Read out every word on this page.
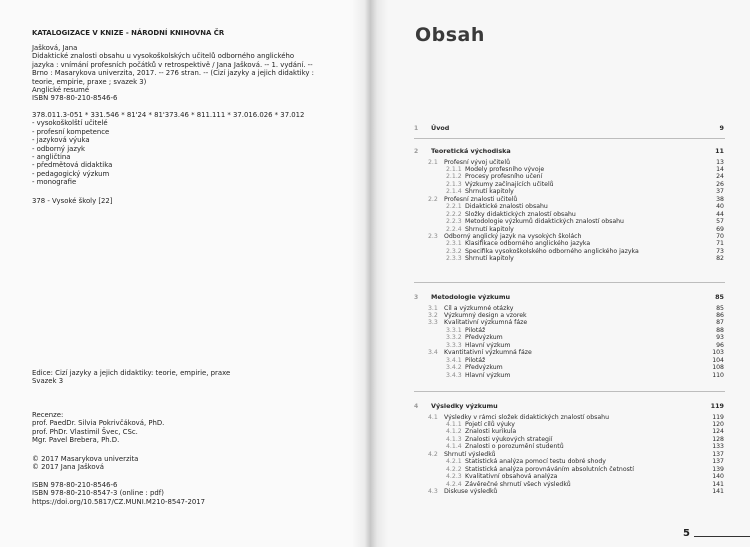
KATALOGIZACE V KNIZE - NÁRODNÍ KNIHOVNA ČR
Jašková, Jana
Didaktické znalosti obsahu u vysokoškolských učitelů odborného anglického
jazyka : vnímání profesních počátků v retrospektivě / Jana Jašková. -- 1. vydání. --
Brno : Masarykova univerzita, 2017. -- 276 stran. -- (Cizí jazyky a jejich didaktiky :
teorie, empirie, praxe ; svazek 3)
Anglické resumé
ISBN 978-80-210-8546-6
378.011.3-051 * 331.546 * 81'24 * 81'373.46 * 811.111 * 37.016.026 * 37.012
- vysokoškolští učitelé
- profesní kompetence
- jazyková výuka
- odborný jazyk
- angličtina
- předmětová didaktika
- pedagogický výzkum
- monografie
378 - Vysoké školy [22]
Edice: Cizí jazyky a jejich didaktiky: teorie, empirie, praxe
Svazek 3
Recenze:
prof. PaedDr. Silvia Pokrivčáková, PhD.
prof. PhDr. Vlastimil Švec, CSc.
Mgr. Pavel Brebera, Ph.D.
© 2017 Masarykova univerzita
© 2017 Jana Jašková
ISBN 978-80-210-8546-6
ISBN 978-80-210-8547-3 (online : pdf)
https://doi.org/10.5817/CZ.MUNI.M210-8547-2017
Obsah
1 Úvod	9
2 Teoretická východiska	11
2.1 Profesní vývoj učitelů	13
2.1.1 Modely profesního vývoje	14
2.1.2 Procesy profesního učení	24
2.1.3 Výzkumy začínajících učitelů	26
2.1.4 Shrnutí kapitoly	37
2.2 Profesní znalosti učitelů	38
2.2.1 Didaktické znalosti obsahu	40
2.2.2 Složky didaktických znalostí obsahu	44
2.2.3 Metodologie výzkumů didaktických znalostí obsahu	57
2.2.4 Shrnutí kapitoly	69
2.3 Odborný anglický jazyk na vysokých školách	70
2.3.1 Klasifikace odborného anglického jazyka	71
2.3.2 Specifika vysokoškolského odborného anglického jazyka	73
2.3.3 Shrnutí kapitoly	82
3 Metodologie výzkumu	85
3.1 Cíl a výzkumné otázky	85
3.2 Výzkumný design a vzorek	86
3.3 Kvalitativní výzkumná fáze	87
3.3.1 Pilotáž	88
3.3.2 Předvýzkum	93
3.3.3 Hlavní výzkum	96
3.4 Kvantitativní výzkumná fáze	103
3.4.1 Pilotáž	104
3.4.2 Předvýzkum	108
3.4.3 Hlavní výzkum	110
4 Výsledky výzkumu	119
4.1 Výsledky v rámci složek didaktických znalostí obsahu	119
4.1.1 Pojetí cílů výuky	120
4.1.2 Znalosti kurikula	124
4.1.3 Znalosti výukových strategií	128
4.1.4 Znalosti o porozumění studentů	133
4.2 Shrnutí výsledků	137
4.2.1 Statistická analýza pomocí testu dobré shody	137
4.2.2 Statistická analýza porovnáváním absolutních četností	139
4.2.3 Kvalitativní obsahová analýza	140
4.2.4 Závěrečné shrnutí všech výsledků	141
4.3 Diskuse výsledků	141
5
